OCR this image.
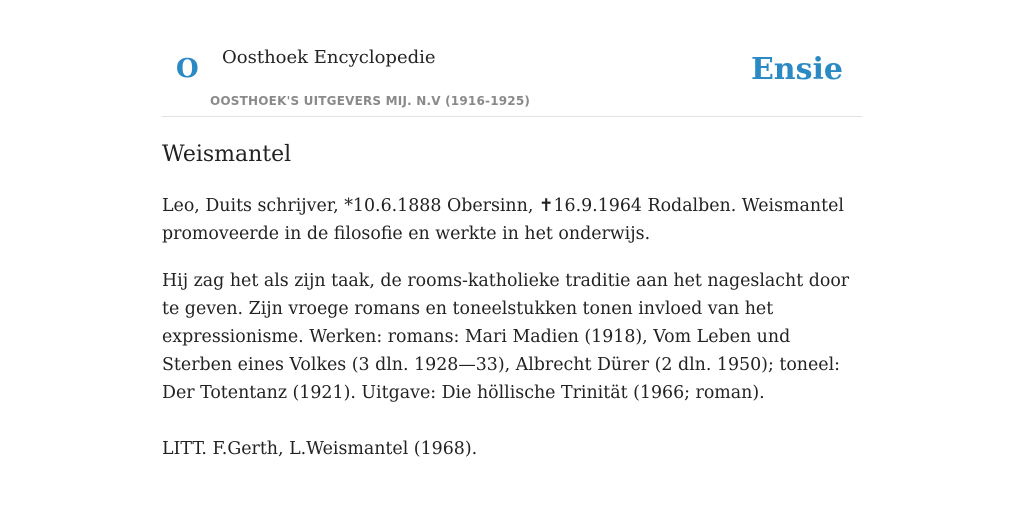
O Oosthoek Encyclopedie
OOSTHOEK'S UITGEVERS MIJ. N.V (1916-1925)
Ensie
Weismantel

Leo, Duits schrijver, *10.6.1888 Obersinn, ✝16.9.1964 Rodalben. Weismantel promoveerde in de filosofie en werkte in het onderwijs.

Hij zag het als zijn taak, de rooms-katholieke traditie aan het nageslacht door te geven. Zijn vroege romans en toneelstukken tonen invloed van het expressionisme. Werken: romans: Mari Madien (1918), Vom Leben und Sterben eines Volkes (3 dln. 1928—33), Albrecht Dürer (2 dln. 1950); toneel: Der Totentanz (1921). Uitgave: Die höllische Trinität (1966; roman).

LITT. F.Gerth, L.Weismantel (1968).
